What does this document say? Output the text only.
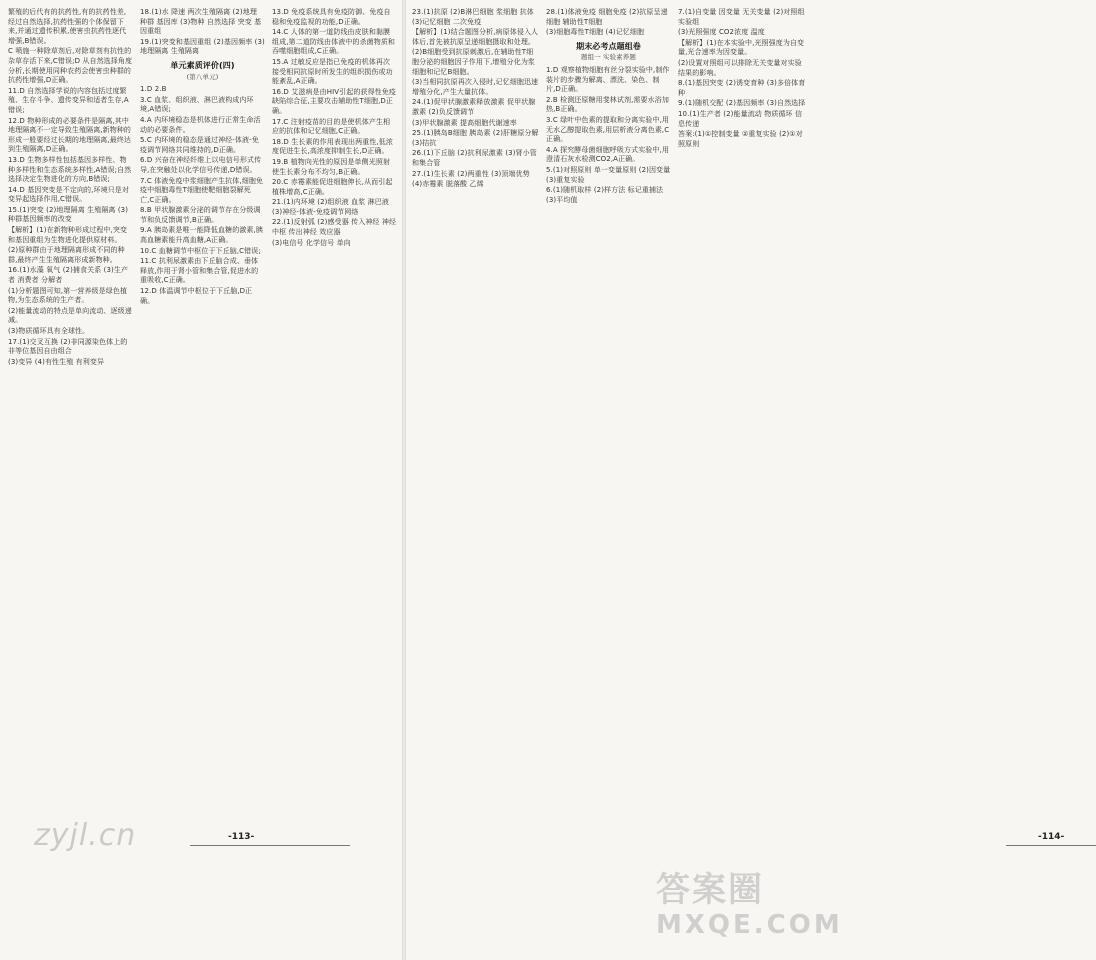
繁殖的后代有的抗药性,有的抗药性差,经过自然选择,抗药性强的个体保留下来,并通过遗传积累,使害虫抗药性逐代增强,B错误。

C 喷施一种除草剂后,对除草剂有抗性的杂草存活下来,C错误;D 从自然选择角度分析,长期使用同种农药会使害虫种群的抗药性增强,D正确。

11.D 自然选择学说的内容包括过度繁殖、生存斗争、遗传变异和适者生存,A错误;

12.D 物种形成的必要条件是隔离,其中地理隔离不一定导致生殖隔离,新物种的形成一般要经过长期的地理隔离,最终达到生殖隔离,D正确。

13.D 生物多样性包括基因多样性、物种多样性和生态系统多样性,A错误;自然选择决定生物进化的方向,B错误;

14.D 基因突变是不定向的,环境只是对变异起选择作用,C错误。

15.(1)突变 (2)地理隔离 生殖隔离 (3)种群基因频率的改变

【解析】(1)在新物种形成过程中,突变和基因重组为生物进化提供原材料。

(2)原种群由于地理隔离形成不同的种群,最终产生生殖隔离形成新物种。

16.(1)水藻 氧气 (2)捕食关系 (3)生产者 消费者 分解者

(1)分析题图可知,第一营养级是绿色植物,为生态系统的生产者。

(2)能量流动的特点是单向流动、逐级递减。

(3)物质循环具有全球性。

17.(1)交叉互换 (2)非同源染色体上的非等位基因自由组合

(3)变异 (4)有性生殖 有利变异

18.(1)水 降速 两次生殖隔离 (2)地理 种群 基因库 (3)物种 自然选择 突变 基因重组

19.(1)突变和基因重组 (2)基因频率 (3)地理隔离 生殖隔离

单元素质评价(四)

(第八单元)

1.D 2.B

3.C 血浆、组织液、淋巴液构成内环境,A错误;

4.A 内环境稳态是机体进行正常生命活动的必要条件。

5.C 内环境的稳态是通过神经-体液-免疫调节网络共同维持的,D正确。

6.D 兴奋在神经纤维上以电信号形式传导,在突触处以化学信号传递,D错误。

7.C 体液免疫中浆细胞产生抗体,细胞免疫中细胞毒性T细胞使靶细胞裂解死亡,C正确。

8.B 甲状腺激素分泌的调节存在分级调节和负反馈调节,B正确。

9.A 胰岛素是唯一能降低血糖的激素,胰高血糖素能升高血糖,A正确。

10.C 血糖调节中枢位于下丘脑,C错误;

11.C 抗利尿激素由下丘脑合成、垂体释放,作用于肾小管和集合管,促进水的重吸收,C正确。

12.D 体温调节中枢位于下丘脑,D正确。

13.D 免疫系统具有免疫防御、免疫自稳和免疫监视的功能,D正确。

14.C 人体的第一道防线由皮肤和黏膜组成,第二道防线由体液中的杀菌物质和吞噬细胞组成,C正确。

15.A 过敏反应是指已免疫的机体再次接受相同抗原时所发生的组织损伤或功能紊乱,A正确。

16.D 艾滋病是由HIV引起的获得性免疫缺陷综合征,主要攻击辅助性T细胞,D正确。

17.C 注射疫苗的目的是使机体产生相应的抗体和记忆细胞,C正确。

18.D 生长素的作用表现出两重性,低浓度促进生长,高浓度抑制生长,D正确。

19.B 植物向光性的原因是单侧光照射使生长素分布不均匀,B正确。

20.C 赤霉素能促进细胞伸长,从而引起植株增高,C正确。

21.(1)内环境 (2)组织液 血浆 淋巴液 (3)神经-体液-免疫调节网络

22.(1)反射弧 (2)感受器 传入神经 神经中枢 传出神经 效应器

(3)电信号 化学信号 单向

zyjl.cn	-113-

23.(1)抗原 (2)B淋巴细胞 浆细胞 抗体 (3)记忆细胞 二次免疫

【解析】(1)结合题图分析,病原体侵入人体后,首先被抗原呈递细胞摄取和处理。

(2)B细胞受到抗原刺激后,在辅助性T细胞分泌的细胞因子作用下,增殖分化为浆细胞和记忆B细胞。

(3)当相同抗原再次入侵时,记忆细胞迅速增殖分化,产生大量抗体。

24.(1)促甲状腺激素释放激素 促甲状腺激素 (2)负反馈调节

(3)甲状腺激素 提高细胞代谢速率

25.(1)胰岛B细胞 胰岛素 (2)肝糖原分解 (3)拮抗

26.(1)下丘脑 (2)抗利尿激素 (3)肾小管和集合管

27.(1)生长素 (2)两重性 (3)顶端优势

(4)赤霉素 脱落酸 乙烯

28.(1)体液免疫 细胞免疫 (2)抗原呈递细胞 辅助性T细胞

(3)细胞毒性T细胞 (4)记忆细胞

期末必考点题组卷

题组一 实验素养题

1.D 观察植物细胞有丝分裂实验中,制作装片的步骤为解离、漂洗、染色、制片,D正确。

2.B 检测还原糖用斐林试剂,需要水浴加热,B正确。

3.C 绿叶中色素的提取和分离实验中,用无水乙醇提取色素,用层析液分离色素,C正确。

4.A 探究酵母菌细胞呼吸方式实验中,用澄清石灰水检测CO2,A正确。

5.(1)对照原则 单一变量原则 (2)因变量 (3)重复实验

6.(1)随机取样 (2)样方法 标记重捕法 (3)平均值

7.(1)自变量 因变量 无关变量 (2)对照组 实验组

(3)光照强度 CO2浓度 温度

【解析】(1)在本实验中,光照强度为自变量,光合速率为因变量。

(2)设置对照组可以排除无关变量对实验结果的影响。

8.(1)基因突变 (2)诱变育种 (3)多倍体育种

9.(1)随机交配 (2)基因频率 (3)自然选择

10.(1)生产者 (2)能量流动 物质循环 信息传递

答案:(1)①控制变量 ②重复实验 (2)①对照原则

-114-
答案圈
MXQE.COM
